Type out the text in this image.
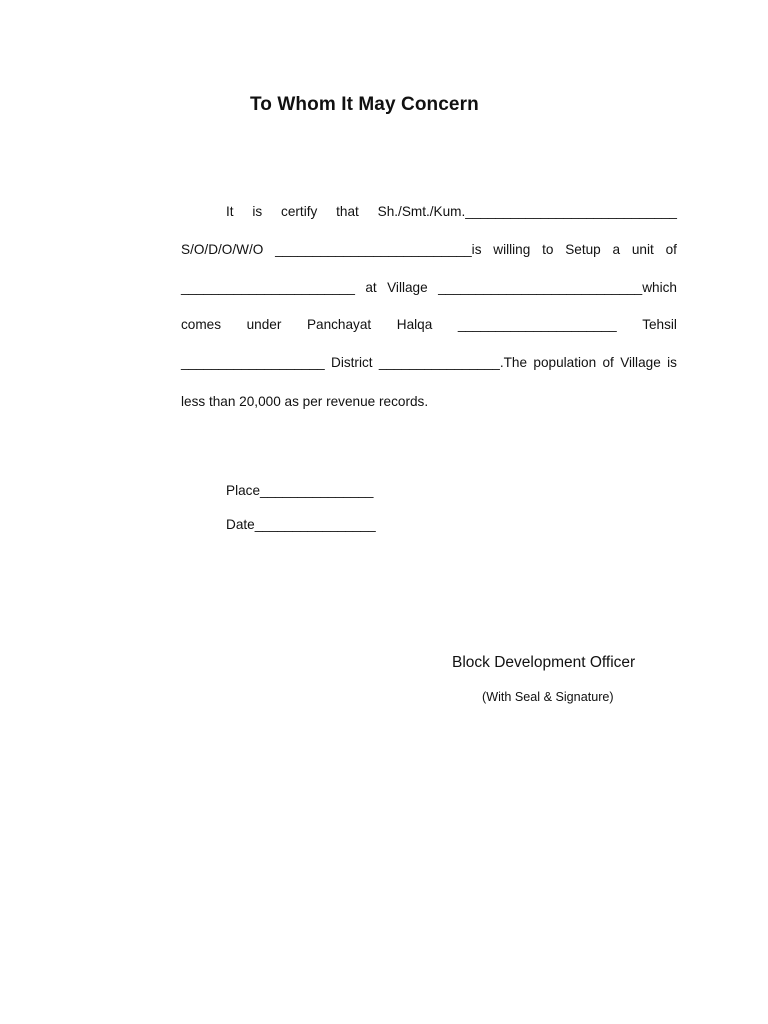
To Whom It May Concern
It is certify that Sh./Smt./Kum.____________________________
S/O/D/O/W/O __________________________is willing to Setup a unit of
_______________________ at Village ___________________________which
comes under Panchayat Halqa _____________________ Tehsil
___________________ District ________________.The population of Village is
less than 20,000 as per revenue records.
Place_______________
Date________________
Block Development Officer
(With Seal & Signature)
